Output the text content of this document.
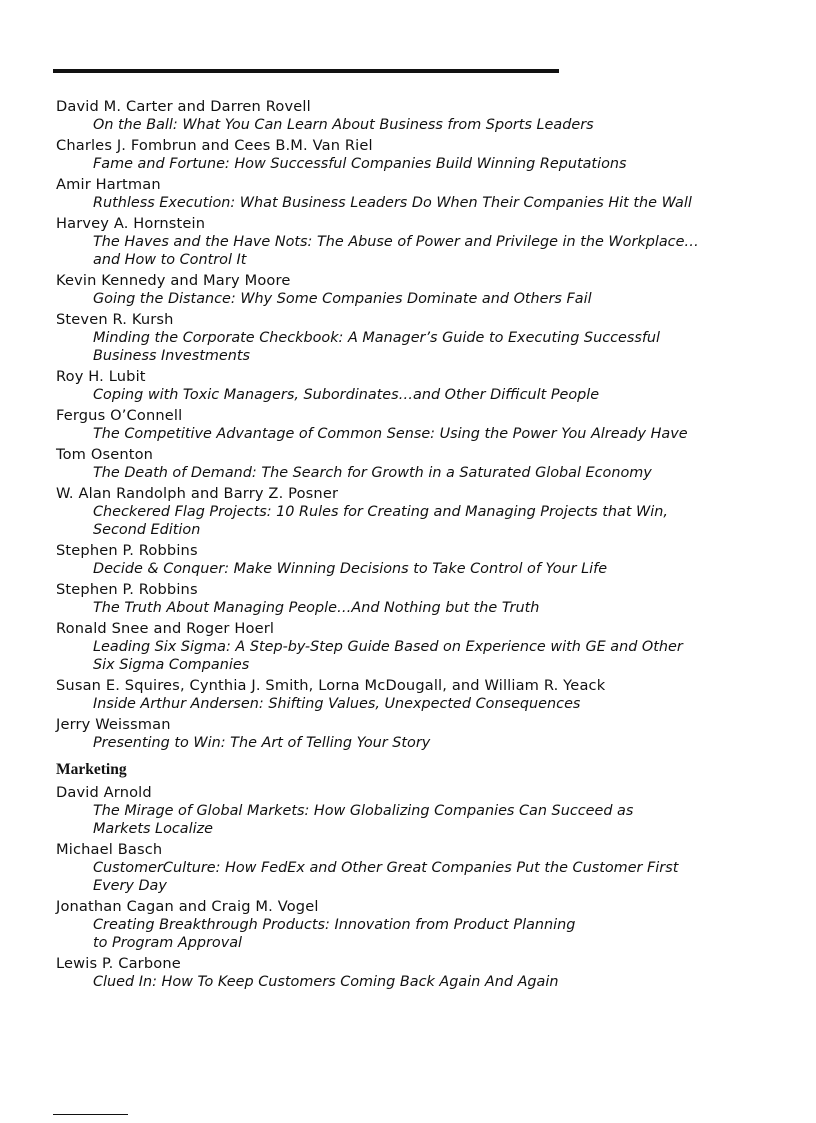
David M. Carter and Darren Rovell
On the Ball: What You Can Learn About Business from Sports Leaders
Charles J. Fombrun and Cees B.M. Van Riel
Fame and Fortune: How Successful Companies Build Winning Reputations
Amir Hartman
Ruthless Execution: What Business Leaders Do When Their Companies Hit the Wall
Harvey A. Hornstein
The Haves and the Have Nots: The Abuse of Power and Privilege in the Workplace…
and How to Control It
Kevin Kennedy and Mary Moore
Going the Distance: Why Some Companies Dominate and Others Fail
Steven R. Kursh
Minding the Corporate Checkbook: A Manager’s Guide to Executing Successful
Business Investments
Roy H. Lubit
Coping with Toxic Managers, Subordinates…and Other Difficult People
Fergus O’Connell
The Competitive Advantage of Common Sense: Using the Power You Already Have
Tom Osenton
The Death of Demand: The Search for Growth in a Saturated Global Economy
W. Alan Randolph and Barry Z. Posner
Checkered Flag Projects: 10 Rules for Creating and Managing Projects that Win,
Second Edition
Stephen P. Robbins
Decide & Conquer: Make Winning Decisions to Take Control of Your Life
Stephen P. Robbins
The Truth About Managing People…And Nothing but the Truth
Ronald Snee and Roger Hoerl
Leading Six Sigma: A Step-by-Step Guide Based on Experience with GE and Other
Six Sigma Companies
Susan E. Squires, Cynthia J. Smith, Lorna McDougall, and William R. Yeack
Inside Arthur Andersen: Shifting Values, Unexpected Consequences
Jerry Weissman
Presenting to Win: The Art of Telling Your Story
Marketing
David Arnold
The Mirage of Global Markets: How Globalizing Companies Can Succeed as
Markets Localize
Michael Basch
CustomerCulture: How FedEx and Other Great Companies Put the Customer First
Every Day
Jonathan Cagan and Craig M. Vogel
Creating Breakthrough Products: Innovation from Product Planning
to Program Approval
Lewis P. Carbone
Clued In: How To Keep Customers Coming Back Again And Again
